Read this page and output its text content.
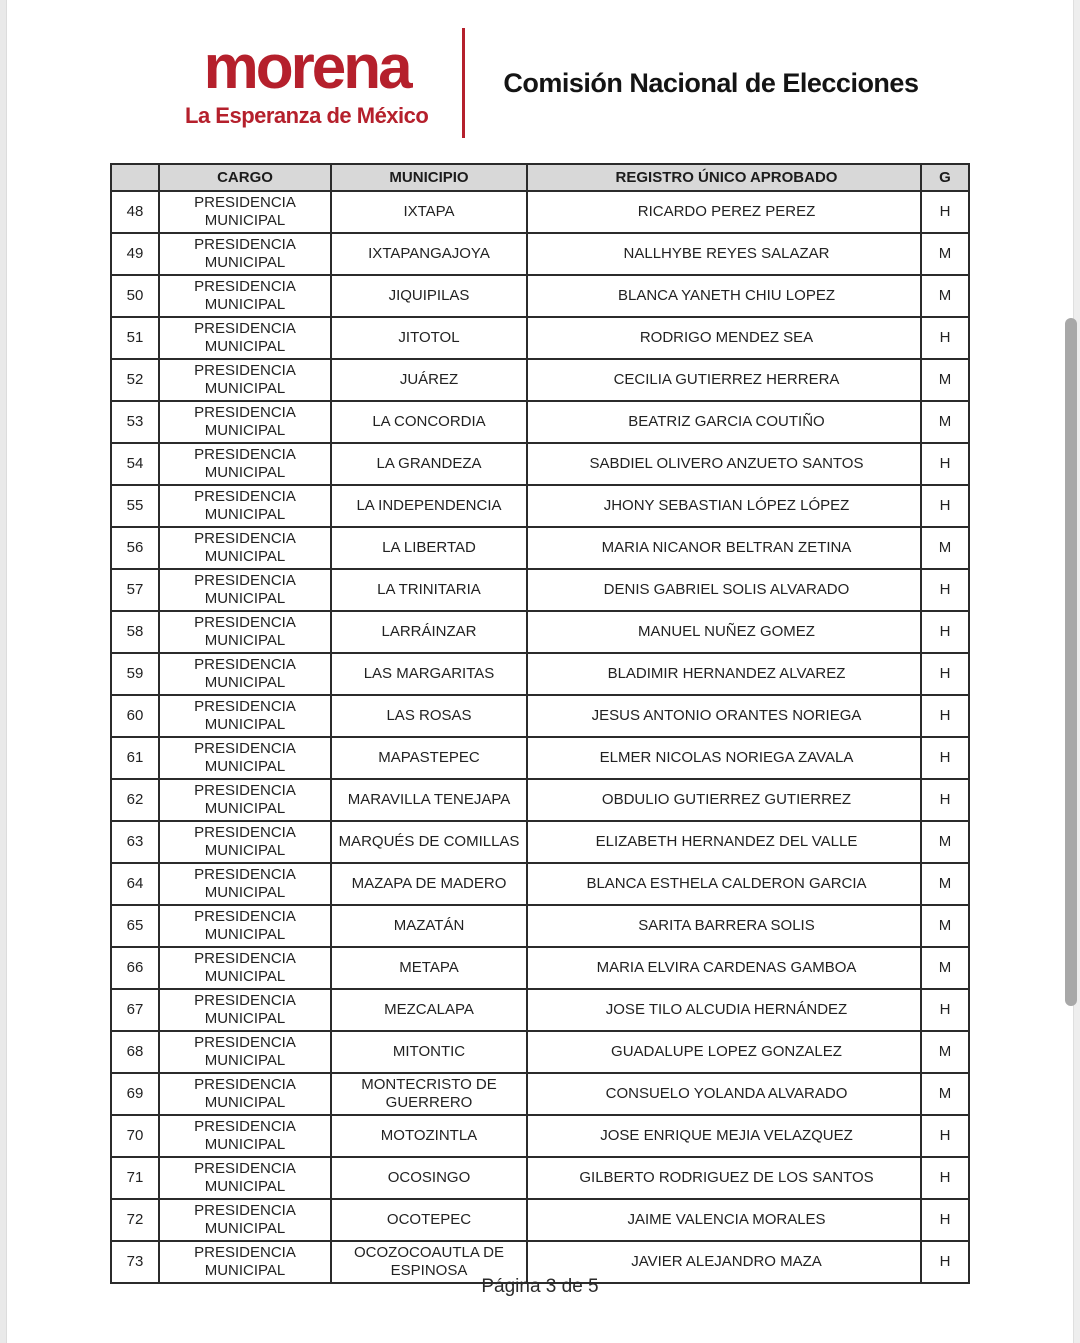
morena
La Esperanza de México
Comisión Nacional de Elecciones
	CARGO	MUNICIPIO	REGISTRO ÚNICO APROBADO	G
48	PRESIDENCIA MUNICIPAL	IXTAPA	RICARDO PEREZ PEREZ	H
49	PRESIDENCIA MUNICIPAL	IXTAPANGAJOYA	NALLHYBE REYES SALAZAR	M
50	PRESIDENCIA MUNICIPAL	JIQUIPILAS	BLANCA YANETH CHIU LOPEZ	M
51	PRESIDENCIA MUNICIPAL	JITOTOL	RODRIGO MENDEZ SEA	H
52	PRESIDENCIA MUNICIPAL	JUÁREZ	CECILIA GUTIERREZ HERRERA	M
53	PRESIDENCIA MUNICIPAL	LA CONCORDIA	BEATRIZ GARCIA COUTIÑO	M
54	PRESIDENCIA MUNICIPAL	LA GRANDEZA	SABDIEL OLIVERO ANZUETO SANTOS	H
55	PRESIDENCIA MUNICIPAL	LA INDEPENDENCIA	JHONY SEBASTIAN LÓPEZ LÓPEZ	H
56	PRESIDENCIA MUNICIPAL	LA LIBERTAD	MARIA NICANOR BELTRAN ZETINA	M
57	PRESIDENCIA MUNICIPAL	LA TRINITARIA	DENIS GABRIEL SOLIS ALVARADO	H
58	PRESIDENCIA MUNICIPAL	LARRÁINZAR	MANUEL NUÑEZ GOMEZ	H
59	PRESIDENCIA MUNICIPAL	LAS MARGARITAS	BLADIMIR HERNANDEZ ALVAREZ	H
60	PRESIDENCIA MUNICIPAL	LAS ROSAS	JESUS ANTONIO ORANTES NORIEGA	H
61	PRESIDENCIA MUNICIPAL	MAPASTEPEC	ELMER NICOLAS NORIEGA ZAVALA	H
62	PRESIDENCIA MUNICIPAL	MARAVILLA TENEJAPA	OBDULIO GUTIERREZ GUTIERREZ	H
63	PRESIDENCIA MUNICIPAL	MARQUÉS DE COMILLAS	ELIZABETH HERNANDEZ DEL VALLE	M
64	PRESIDENCIA MUNICIPAL	MAZAPA DE MADERO	BLANCA ESTHELA CALDERON GARCIA	M
65	PRESIDENCIA MUNICIPAL	MAZATÁN	SARITA BARRERA SOLIS	M
66	PRESIDENCIA MUNICIPAL	METAPA	MARIA ELVIRA CARDENAS GAMBOA	M
67	PRESIDENCIA MUNICIPAL	MEZCALAPA	JOSE TILO ALCUDIA HERNÁNDEZ	H
68	PRESIDENCIA MUNICIPAL	MITONTIC	GUADALUPE LOPEZ GONZALEZ	M
69	PRESIDENCIA MUNICIPAL	MONTECRISTO DE GUERRERO	CONSUELO YOLANDA ALVARADO	M
70	PRESIDENCIA MUNICIPAL	MOTOZINTLA	JOSE ENRIQUE MEJIA VELAZQUEZ	H
71	PRESIDENCIA MUNICIPAL	OCOSINGO	GILBERTO RODRIGUEZ DE LOS SANTOS	H
72	PRESIDENCIA MUNICIPAL	OCOTEPEC	JAIME VALENCIA MORALES	H
73	PRESIDENCIA MUNICIPAL	OCOZOCOAUTLA DE ESPINOSA	JAVIER ALEJANDRO MAZA	H
Página 3 de 5
